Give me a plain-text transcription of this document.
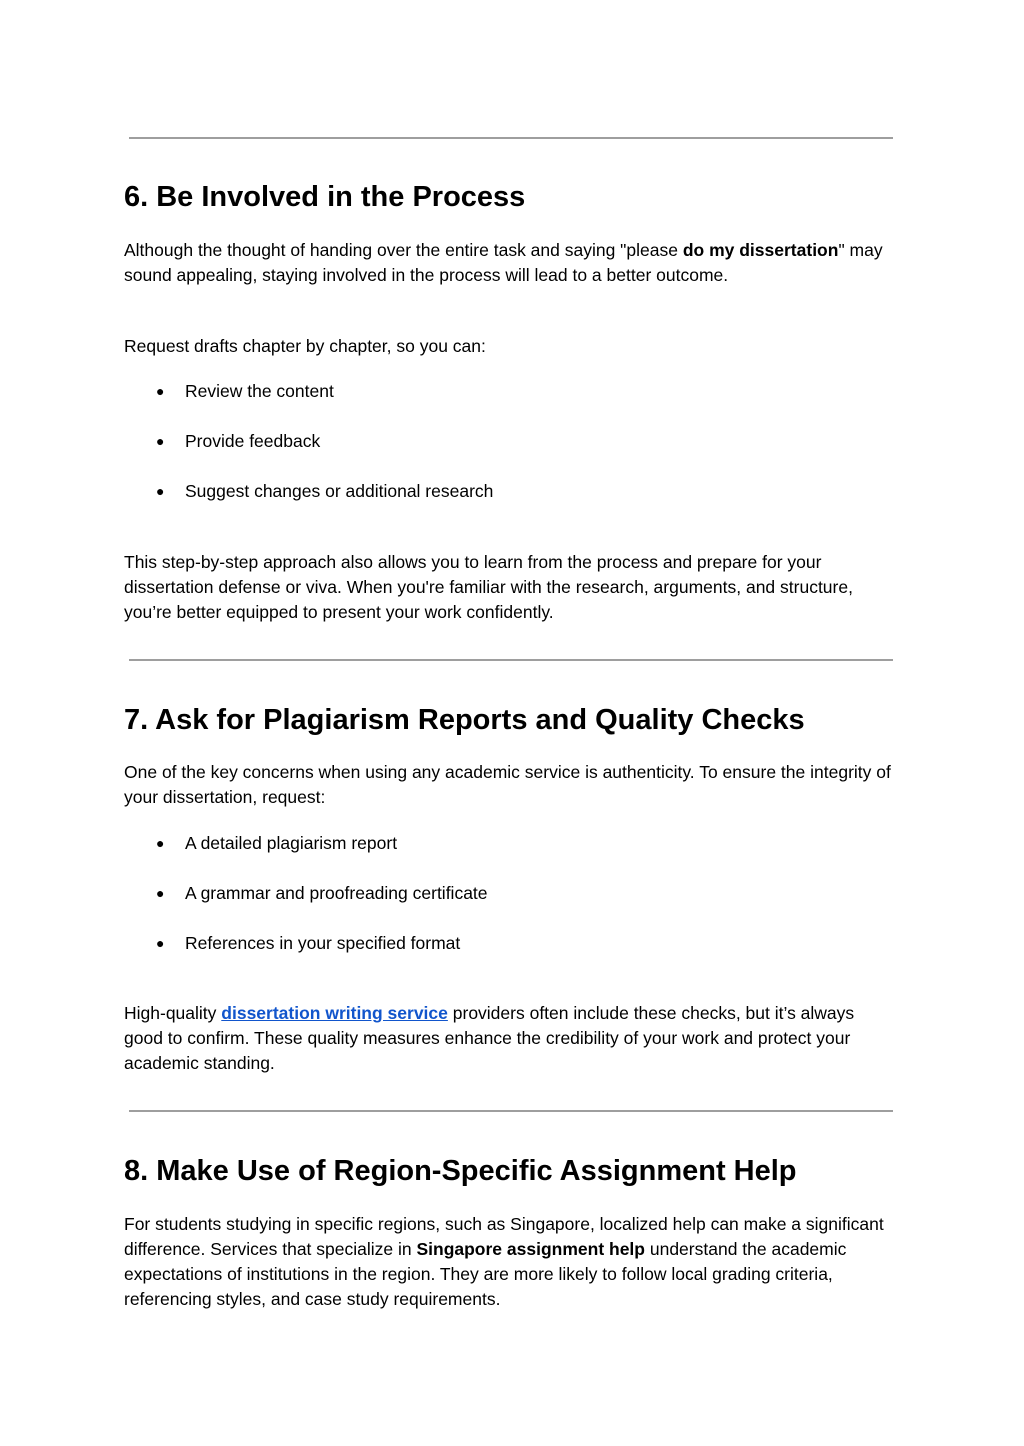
6. Be Involved in the Process

Although the thought of handing over the entire task and saying "please do my dissertation" may sound appealing, staying involved in the process will lead to a better outcome.

Request drafts chapter by chapter, so you can:

● Review the content
● Provide feedback
● Suggest changes or additional research

This step-by-step approach also allows you to learn from the process and prepare for your dissertation defense or viva. When you're familiar with the research, arguments, and structure, you’re better equipped to present your work confidently.

7. Ask for Plagiarism Reports and Quality Checks

One of the key concerns when using any academic service is authenticity. To ensure the integrity of your dissertation, request:

● A detailed plagiarism report
● A grammar and proofreading certificate
● References in your specified format

High-quality dissertation writing service providers often include these checks, but it’s always good to confirm. These quality measures enhance the credibility of your work and protect your academic standing.

8. Make Use of Region-Specific Assignment Help

For students studying in specific regions, such as Singapore, localized help can make a significant difference. Services that specialize in Singapore assignment help understand the academic expectations of institutions in the region. They are more likely to follow local grading criteria, referencing styles, and case study requirements.
